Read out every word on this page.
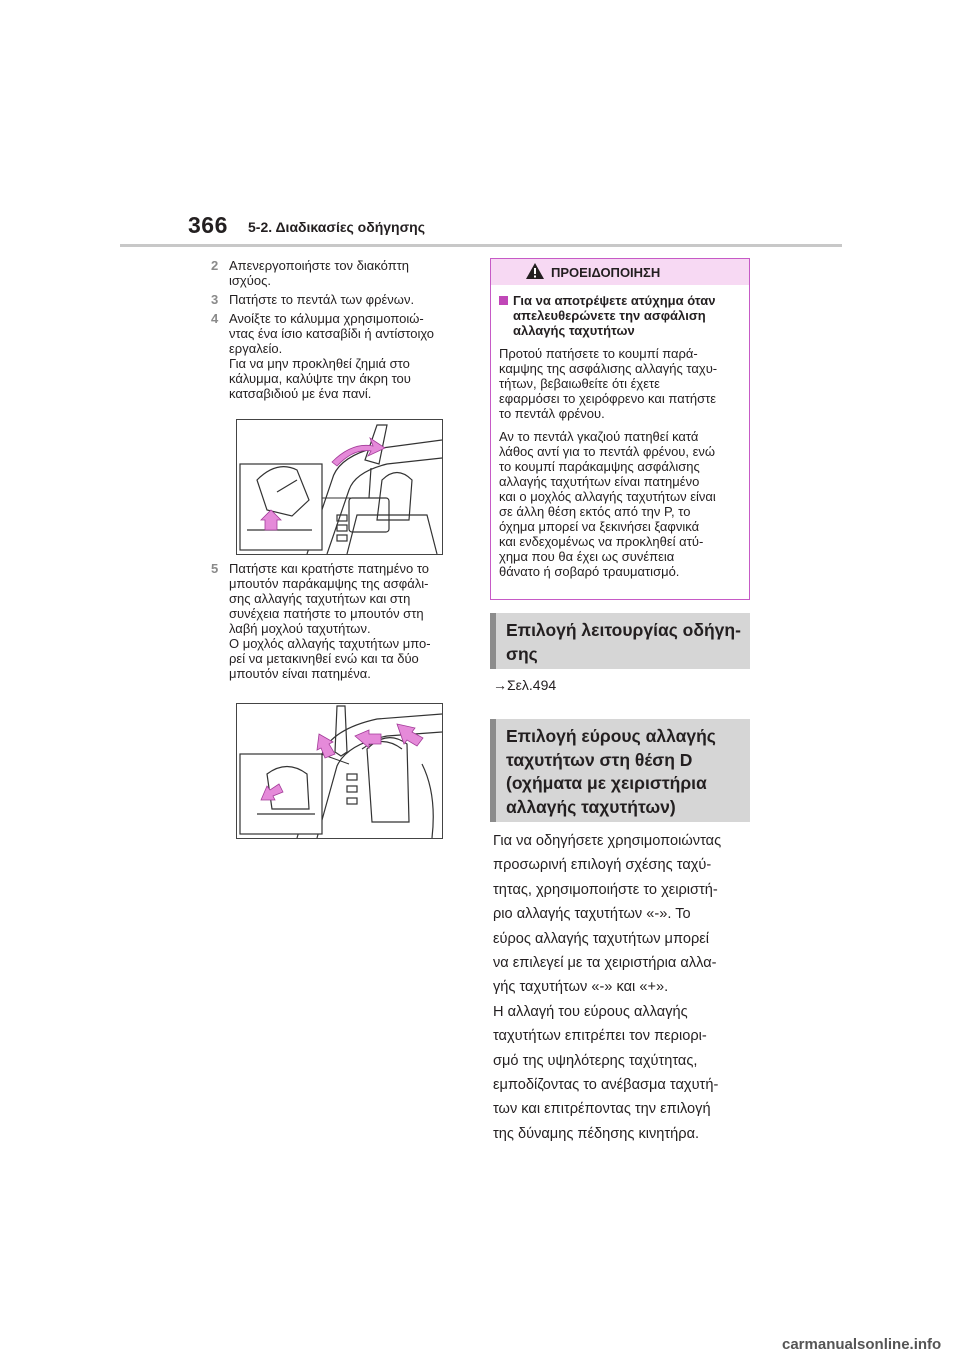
366 5-2. Διαδικασίες οδήγησης
2 Απενεργοποιήστε τον διακόπτη
ισχύος.
3 Πατήστε το πεντάλ των φρένων.
4 Ανοίξτε το κάλυμμα χρησιμοποιώ-
ντας ένα ίσιο κατσαβίδι ή αντίστοιχο
εργαλείο.
Για να μην προκληθεί ζημιά στο
κάλυμμα, καλύψτε την άκρη του
κατσαβιδιού με ένα πανί.
5 Πατήστε και κρατήστε πατημένο το
μπουτόν παράκαμψης της ασφάλι-
σης αλλαγής ταχυτήτων και στη
συνέχεια πατήστε το μπουτόν στη
λαβή μοχλού ταχυτήτων.
Ο μοχλός αλλαγής ταχυτήτων μπο-
ρεί να μετακινηθεί ενώ και τα δύο
μπουτόν είναι πατημένα.
ΠΡΟΕΙΔΟΠΟΙΗΣΗ
Για να αποτρέψετε ατύχημα όταν
απελευθερώνετε την ασφάλιση
αλλαγής ταχυτήτων

Προτού πατήσετε το κουμπί παρά-
καμψης της ασφάλισης αλλαγής ταχυ-
τήτων, βεβαιωθείτε ότι έχετε
εφαρμόσει το χειρόφρενο και πατήστε
το πεντάλ φρένου.

Αν το πεντάλ γκαζιού πατηθεί κατά
λάθος αντί για το πεντάλ φρένου, ενώ
το κουμπί παράκαμψης ασφάλισης
αλλαγής ταχυτήτων είναι πατημένο
και ο μοχλός αλλαγής ταχυτήτων είναι
σε άλλη θέση εκτός από την P, το
όχημα μπορεί να ξεκινήσει ξαφνικά
και ενδεχομένως να προκληθεί ατύ-
χημα που θα έχει ως συνέπεια
θάνατο ή σοβαρό τραυματισμό.

Επιλογή λειτουργίας οδήγη-
σης
→Σελ.494
Επιλογή εύρους αλλαγής
ταχυτήτων στη θέση D
(οχήματα με χειριστήρια
αλλαγής ταχυτήτων)

Για να οδηγήσετε χρησιμοποιώντας

προσωρινή επιλογή σχέσης ταχύ-

τητας, χρησιμοποιήστε το χειριστή-

ριο αλλαγής ταχυτήτων «-». Το

εύρος αλλαγής ταχυτήτων μπορεί

να επιλεγεί με τα χειριστήρια αλλα-

γής ταχυτήτων «-» και «+».

Η αλλαγή του εύρους αλλαγής

ταχυτήτων επιτρέπει τον περιορι-

σμό της υψηλότερης ταχύτητας,

εμποδίζοντας το ανέβασμα ταχυτή-

των και επιτρέποντας την επιλογή

της δύναμης πέδησης κινητήρα.

carmanualsonline.info
